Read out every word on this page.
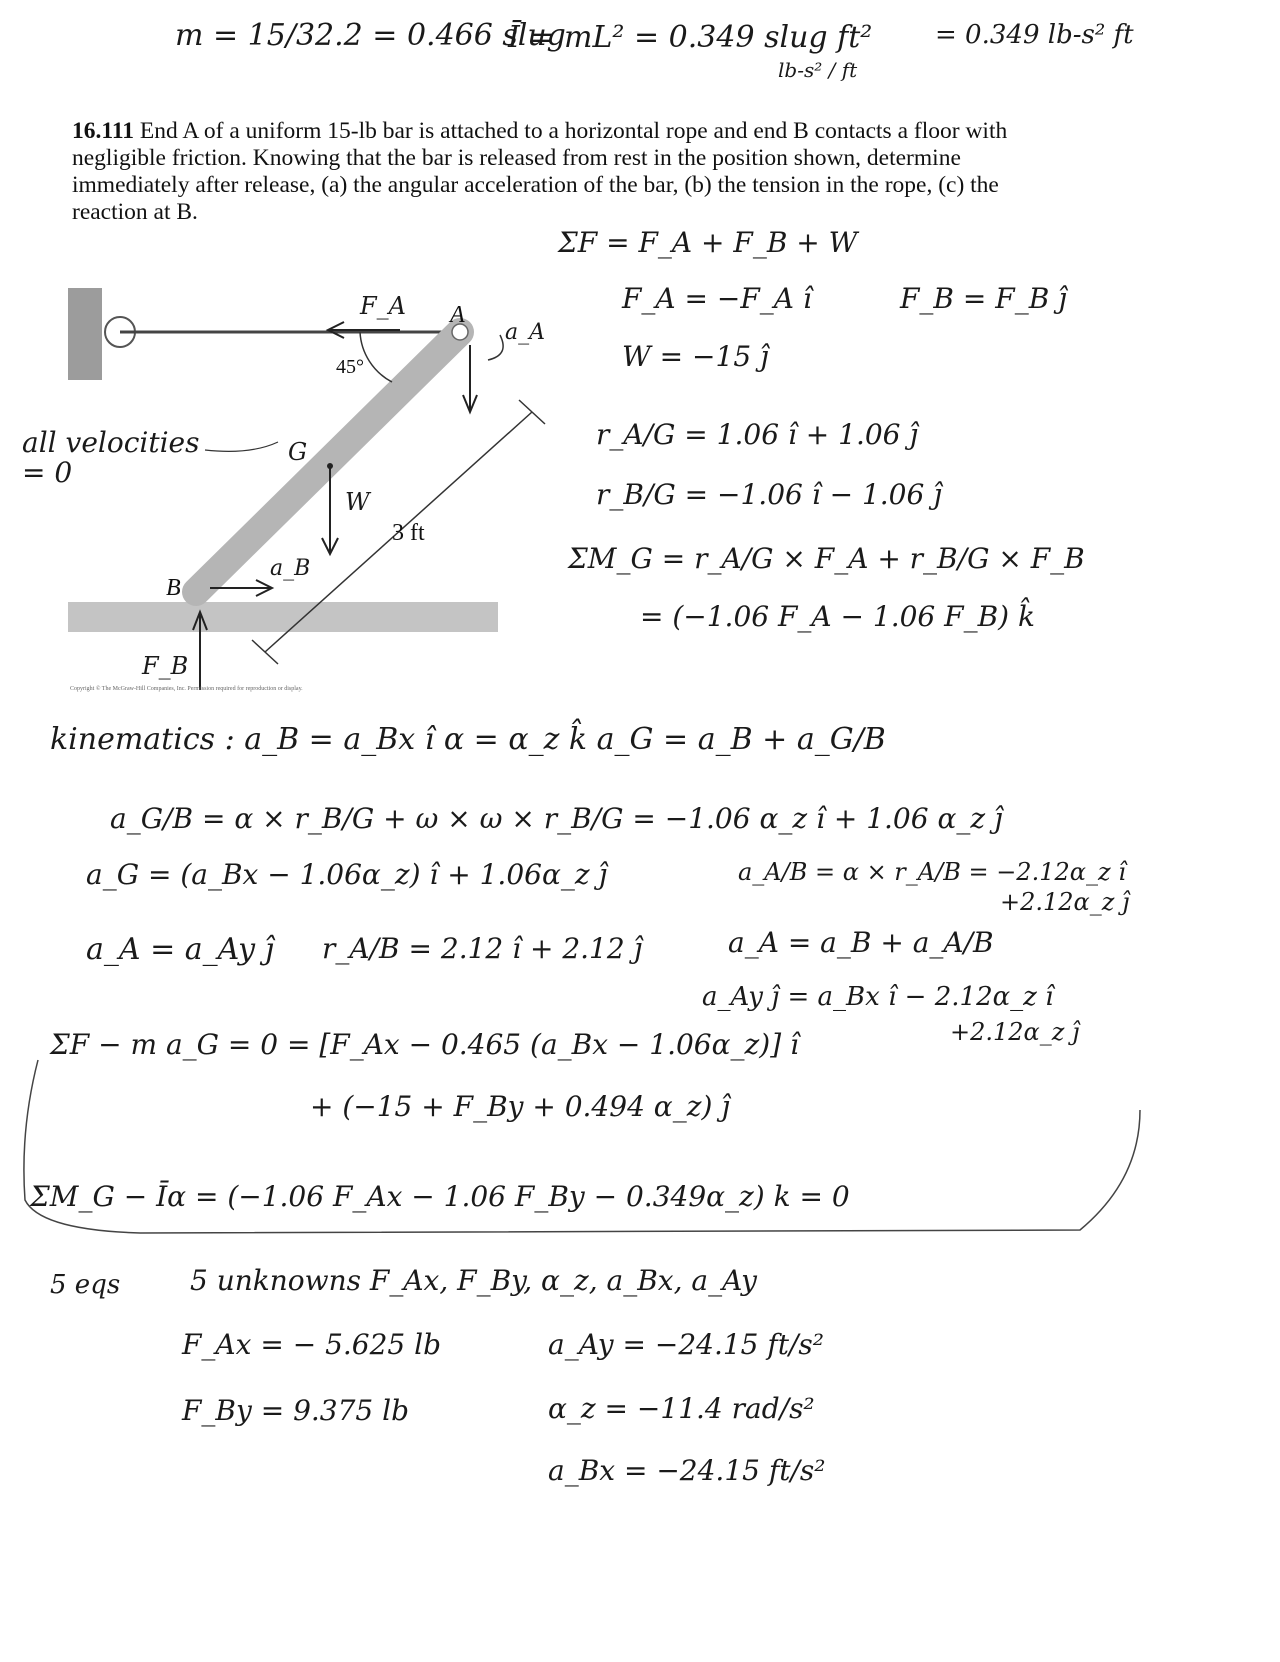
m = 15/32.2 = 0.466 slug
Ī = mL² = 0.349 slug ft² = 0.349 lb-s² ft
lb-s² / ft
16.111 End A of a uniform 15-lb bar is attached to a horizontal rope and end B contacts a floor with negligible friction. Knowing that the bar is released from rest in the position shown, determine immediately after release, (a) the angular acceleration of the bar, (b) the tension in the rope, (c) the reaction at B.
F_A A
45°
a_A
G
W
3 ft
a_B
B
F_B
Copyright © The McGraw-Hill Companies, Inc. Permission required for reproduction or display.
all velocities = 0
ΣF = F_A + F_B + W
F_A = −F_A î	F_B = F_B ĵ
W = −15 ĵ
r_A/G = 1.06 î + 1.06 ĵ
r_B/G = −1.06 î − 1.06 ĵ
ΣM_G = r_A/G × F_A + r_B/G × F_B
= (−1.06 F_A − 1.06 F_B) k̂
kinematics : a_B = a_Bx î α = α_z k̂ a_G = a_B + a_G/B
a_G/B = α × r_B/G + ω × ω × r_B/G = −1.06 α_z î + 1.06 α_z ĵ
a_G = (a_Bx − 1.06α_z) î + 1.06α_z ĵ	a_A/B = α × r_A/B = −2.12α_z î
+2.12α_z ĵ
a_A = a_Ay ĵ r_A/B = 2.12 î + 2.12 ĵ	a_A = a_B + a_A/B
a_Ay ĵ = a_Bx î − 2.12α_z î
+2.12α_z ĵ
ΣF − m a_G = 0 = [F_Ax − 0.465 (a_Bx − 1.06α_z)] î
+ (−15 + F_By + 0.494 α_z) ĵ
ΣM_G − Īα = (−1.06 F_Ax − 1.06 F_By − 0.349α_z) k = 0
5 eqs 5 unknowns F_Ax, F_By, α_z, a_Bx, a_Ay
F_Ax = − 5.625 lb
F_By = 9.375 lb
a_Ay = −24.15 ft/s²
α_z = −11.4 rad/s²
a_Bx = −24.15 ft/s²
